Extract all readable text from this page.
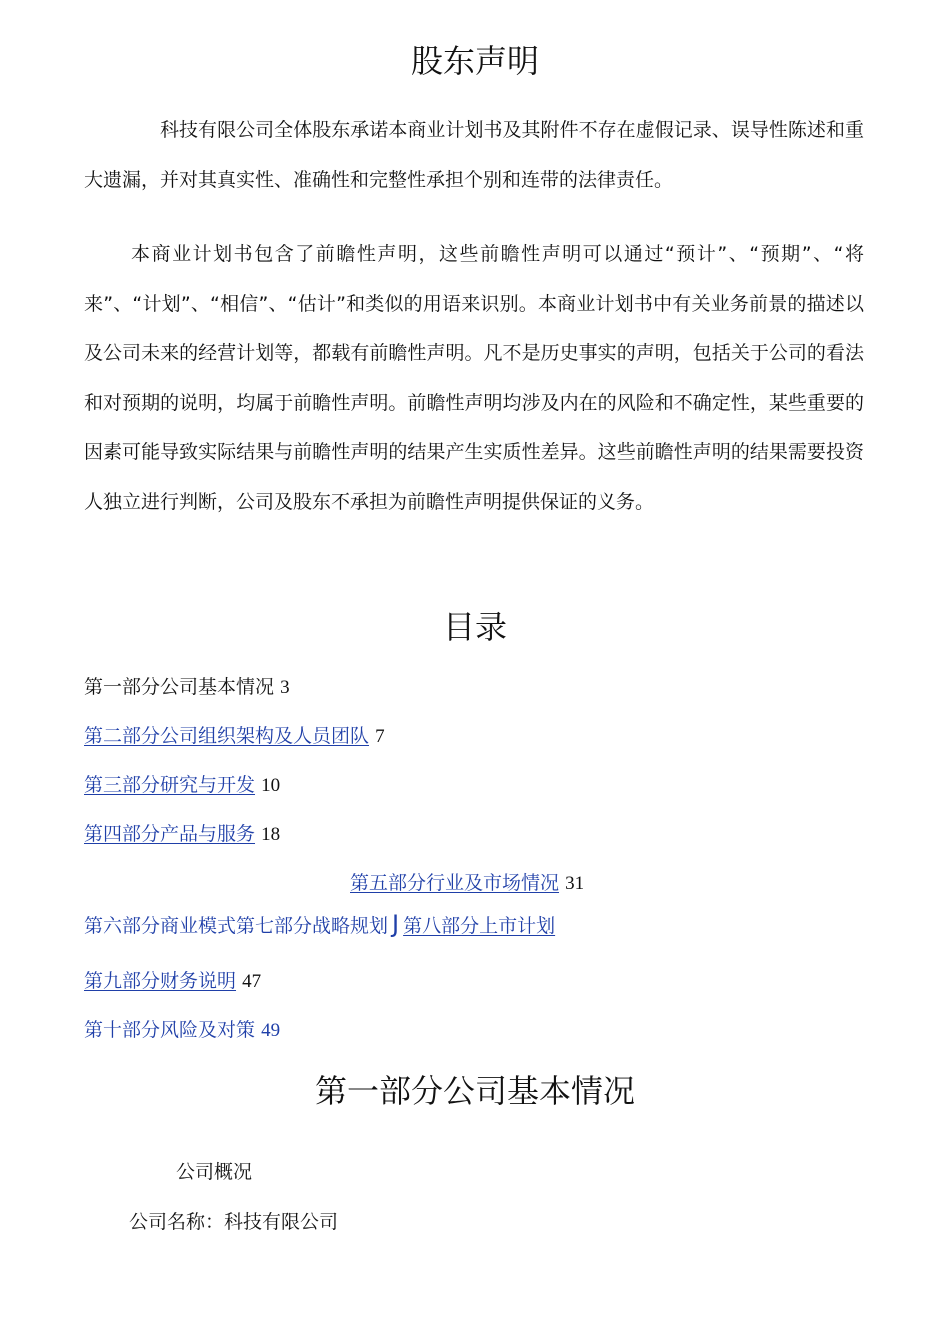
股东声明

科技有限公司全体股东承诺本商业计划书及其附件不存在虚假记录、误导性陈述和重大遗漏，并对其真实性、准确性和完整性承担个别和连带的法律责任。

本商业计划书包含了前瞻性声明，这些前瞻性声明可以通过“预计”、“预期”、“将来”、“计划”、“相信”、“估计”和类似的用语来识别。本商业计划书中有关业务前景的描述以及公司未来的经营计划等，都载有前瞻性声明。凡不是历史事实的声明，包括关于公司的看法和对预期的说明，均属于前瞻性声明。前瞻性声明均涉及内在的风险和不确定性，某些重要的因素可能导致实际结果与前瞻性声明的结果产生实质性差异。这些前瞻性声明的结果需要投资人独立进行判断，公司及股东不承担为前瞻性声明提供保证的义务。

目录
第一部分公司基本情况 3
第二部分公司组织架构及人员团队 7
第三部分研究与开发 10
第四部分产品与服务 18
第五部分行业及市场情况 31
第六部分商业模式第七部分战略规划 J 第八部分上市计划
第九部分财务说明 47
第十部分风险及对策 49
第一部分公司基本情况
公司概况
公司名称：科技有限公司
